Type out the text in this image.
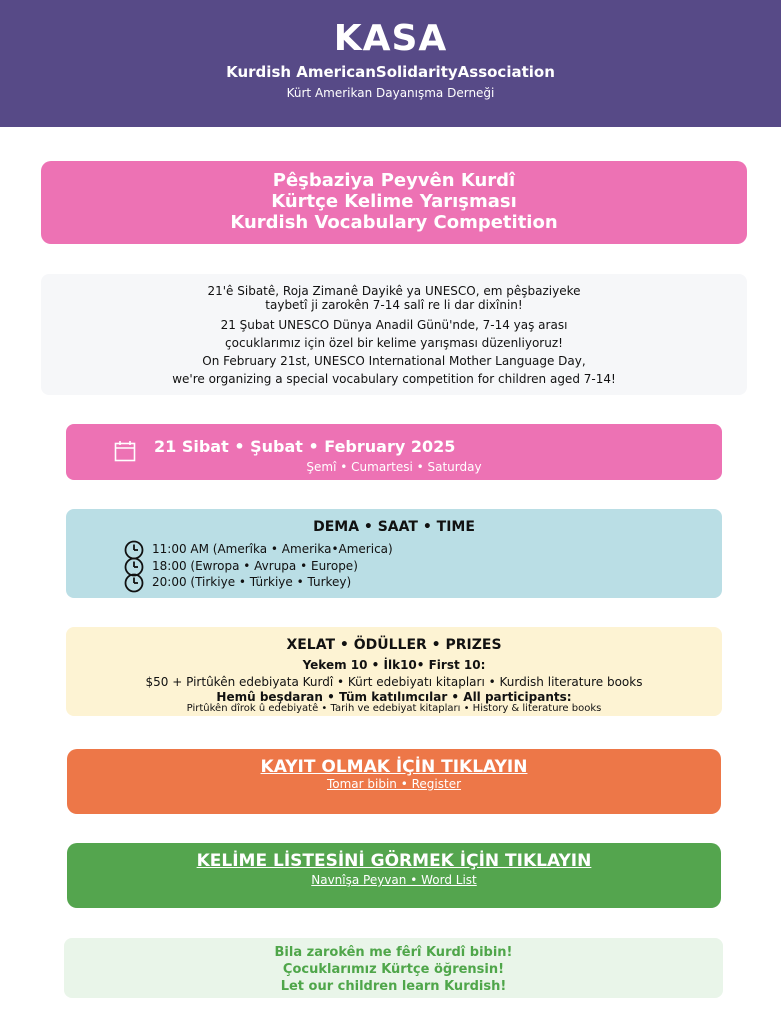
KASA
Kurdish AmericanSolidarityAssociation
Kürt Amerikan Dayanışma Derneği
Pêşbaziya Peyvên Kurdî
Kürtçe Kelime Yarışması
Kurdish Vocabulary Competition
21'ê Sibatê, Roja Zimanê Dayikê ya UNESCO, em pêşbaziyeke
taybetî ji zarokên 7-14 salî re li dar dixînin!
21 Şubat UNESCO Dünya Anadil Günü'nde, 7-14 yaş arası
çocuklarımız için özel bir kelime yarışması düzenliyoruz!
On February 21st, UNESCO International Mother Language Day,
we're organizing a special vocabulary competition for children aged 7-14!
21 Sibat • Şubat • February 2025
Şemî • Cumartesi • Saturday
DEMA • SAAT • TIME
11:00 AM (Amerîka • Amerika•America)
18:00 (Ewropa • Avrupa • Europe)
20:00 (Tirkiye • Türkiye • Turkey)
XELAT • ÖDÜLLER • PRIZES
Yekem 10 • İlk10• First 10:
$50 + Pirtûkên edebiyata Kurdî • Kürt edebiyatı kitapları • Kurdish literature books
Hemû beşdaran • Tüm katılımcılar • All participants:
Pirtûkên dîrok û edebiyatê • Tarih ve edebiyat kitapları • History & literature books
KAYIT OLMAK İÇİN TIKLAYIN
Tomar bibin • Register
KELİME LİSTESİNİ GÖRMEK İÇİN TIKLAYIN
Navnîşa Peyvan • Word List
Bila zarokên me fêrî Kurdî bibin!
Çocuklarımız Kürtçe öğrensin!
Let our children learn Kurdish!
